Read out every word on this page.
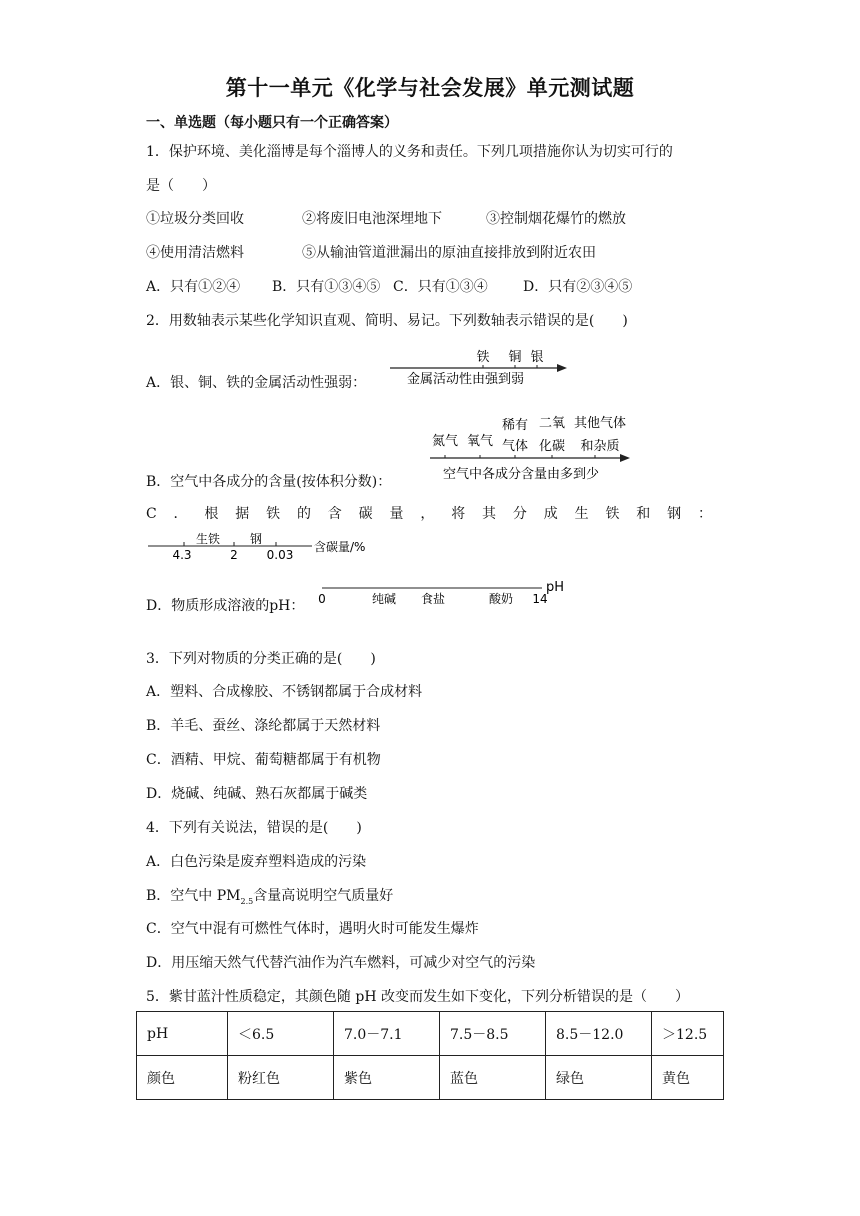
第十一单元《化学与社会发展》单元测试题
一、单选题（每小题只有一个正确答案）
1．保护环境、美化淄博是每个淄博人的义务和责任。下列几项措施你认为切实可行的
是（　　）
①垃圾分类回收	②将废旧电池深埋地下	③控制烟花爆竹的燃放
④使用清洁燃料	⑤从输油管道泄漏出的原油直接排放到附近农田
A．只有①②④ B．只有①③④⑤ C．只有①③④	D．只有②③④⑤
2．用数轴表示某些化学知识直观、简明、易记。下列数轴表示错误的是(　　)
A．银、铜、铁的金属活动性强弱：
铁 铜 银
金属活动性由强到弱
B．空气中各成分的含量(按体积分数)：
氮气 氧气
稀有
气体
二氧
化碳
其他气体
和杂质
空气中各成分含量由多到少
C．根据铁的含碳量，将其分成生铁和钢：
生铁 钢
4.3	2 0.03
含碳量/%
D．物质形成溶液的pH：
pH
0	14
纯碱 食盐	酸奶
3．下列对物质的分类正确的是(　　)
A．塑料、合成橡胶、不锈钢都属于合成材料
B．羊毛、蚕丝、涤纶都属于天然材料
C．酒精、甲烷、葡萄糖都属于有机物
D．烧碱、纯碱、熟石灰都属于碱类
4．下列有关说法，错误的是(　　)
A．白色污染是废弃塑料造成的污染
B．空气中 $PM_{2.5}$含量高说明空气质量好
C．空气中混有可燃性气体时，遇明火时可能发生爆炸
D．用压缩天然气代替汽油作为汽车燃料，可减少对空气的污染
5．紫甘蓝汁性质稳定，其颜色随 pH 改变而发生如下变化，下列分析错误的是（　　）
pH	＜6.5	7.0－7.1	7.5－8.5	8.5－12.0	＞12.5
颜色	粉红色	紫色	蓝色	绿色	黄色
